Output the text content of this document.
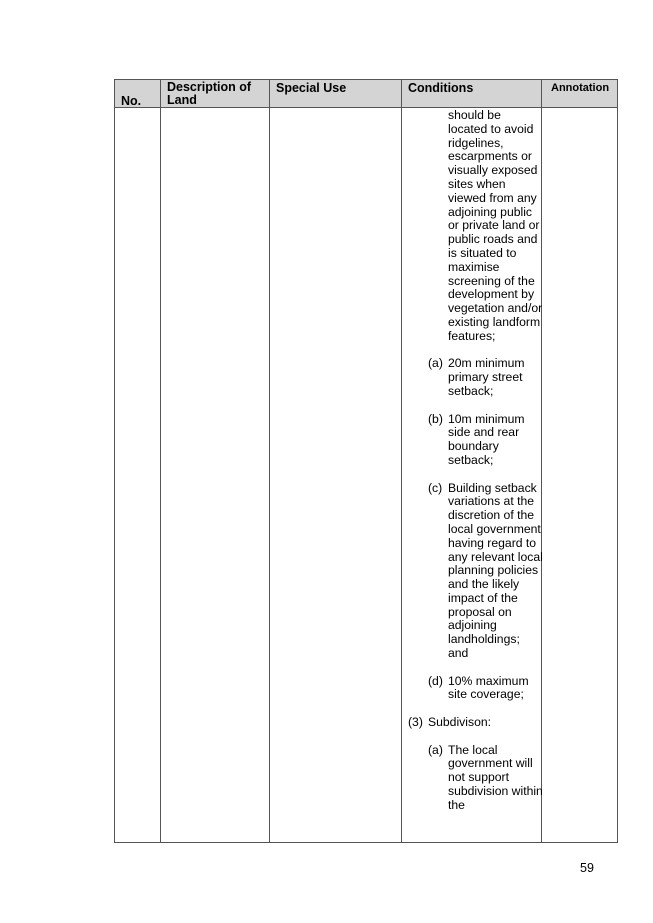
No.
Description of Land
Special Use	Conditions	Annotation

should be located to avoid ridgelines, escarpments or visually exposed sites when viewed from any adjoining public or private land or public roads and is situated to maximise screening of the development by vegetation and/or existing landform features;

(a) 20m minimum primary street setback;
(b) 10m minimum side and rear boundary setback;
(c) Building setback variations at the discretion of the local government having regard to any relevant local planning policies and the likely impact of the proposal on adjoining landholdings; and
(d) 10% maximum site coverage;
(3) Subdivison:
(a) The local government will not support subdivision within the
59
